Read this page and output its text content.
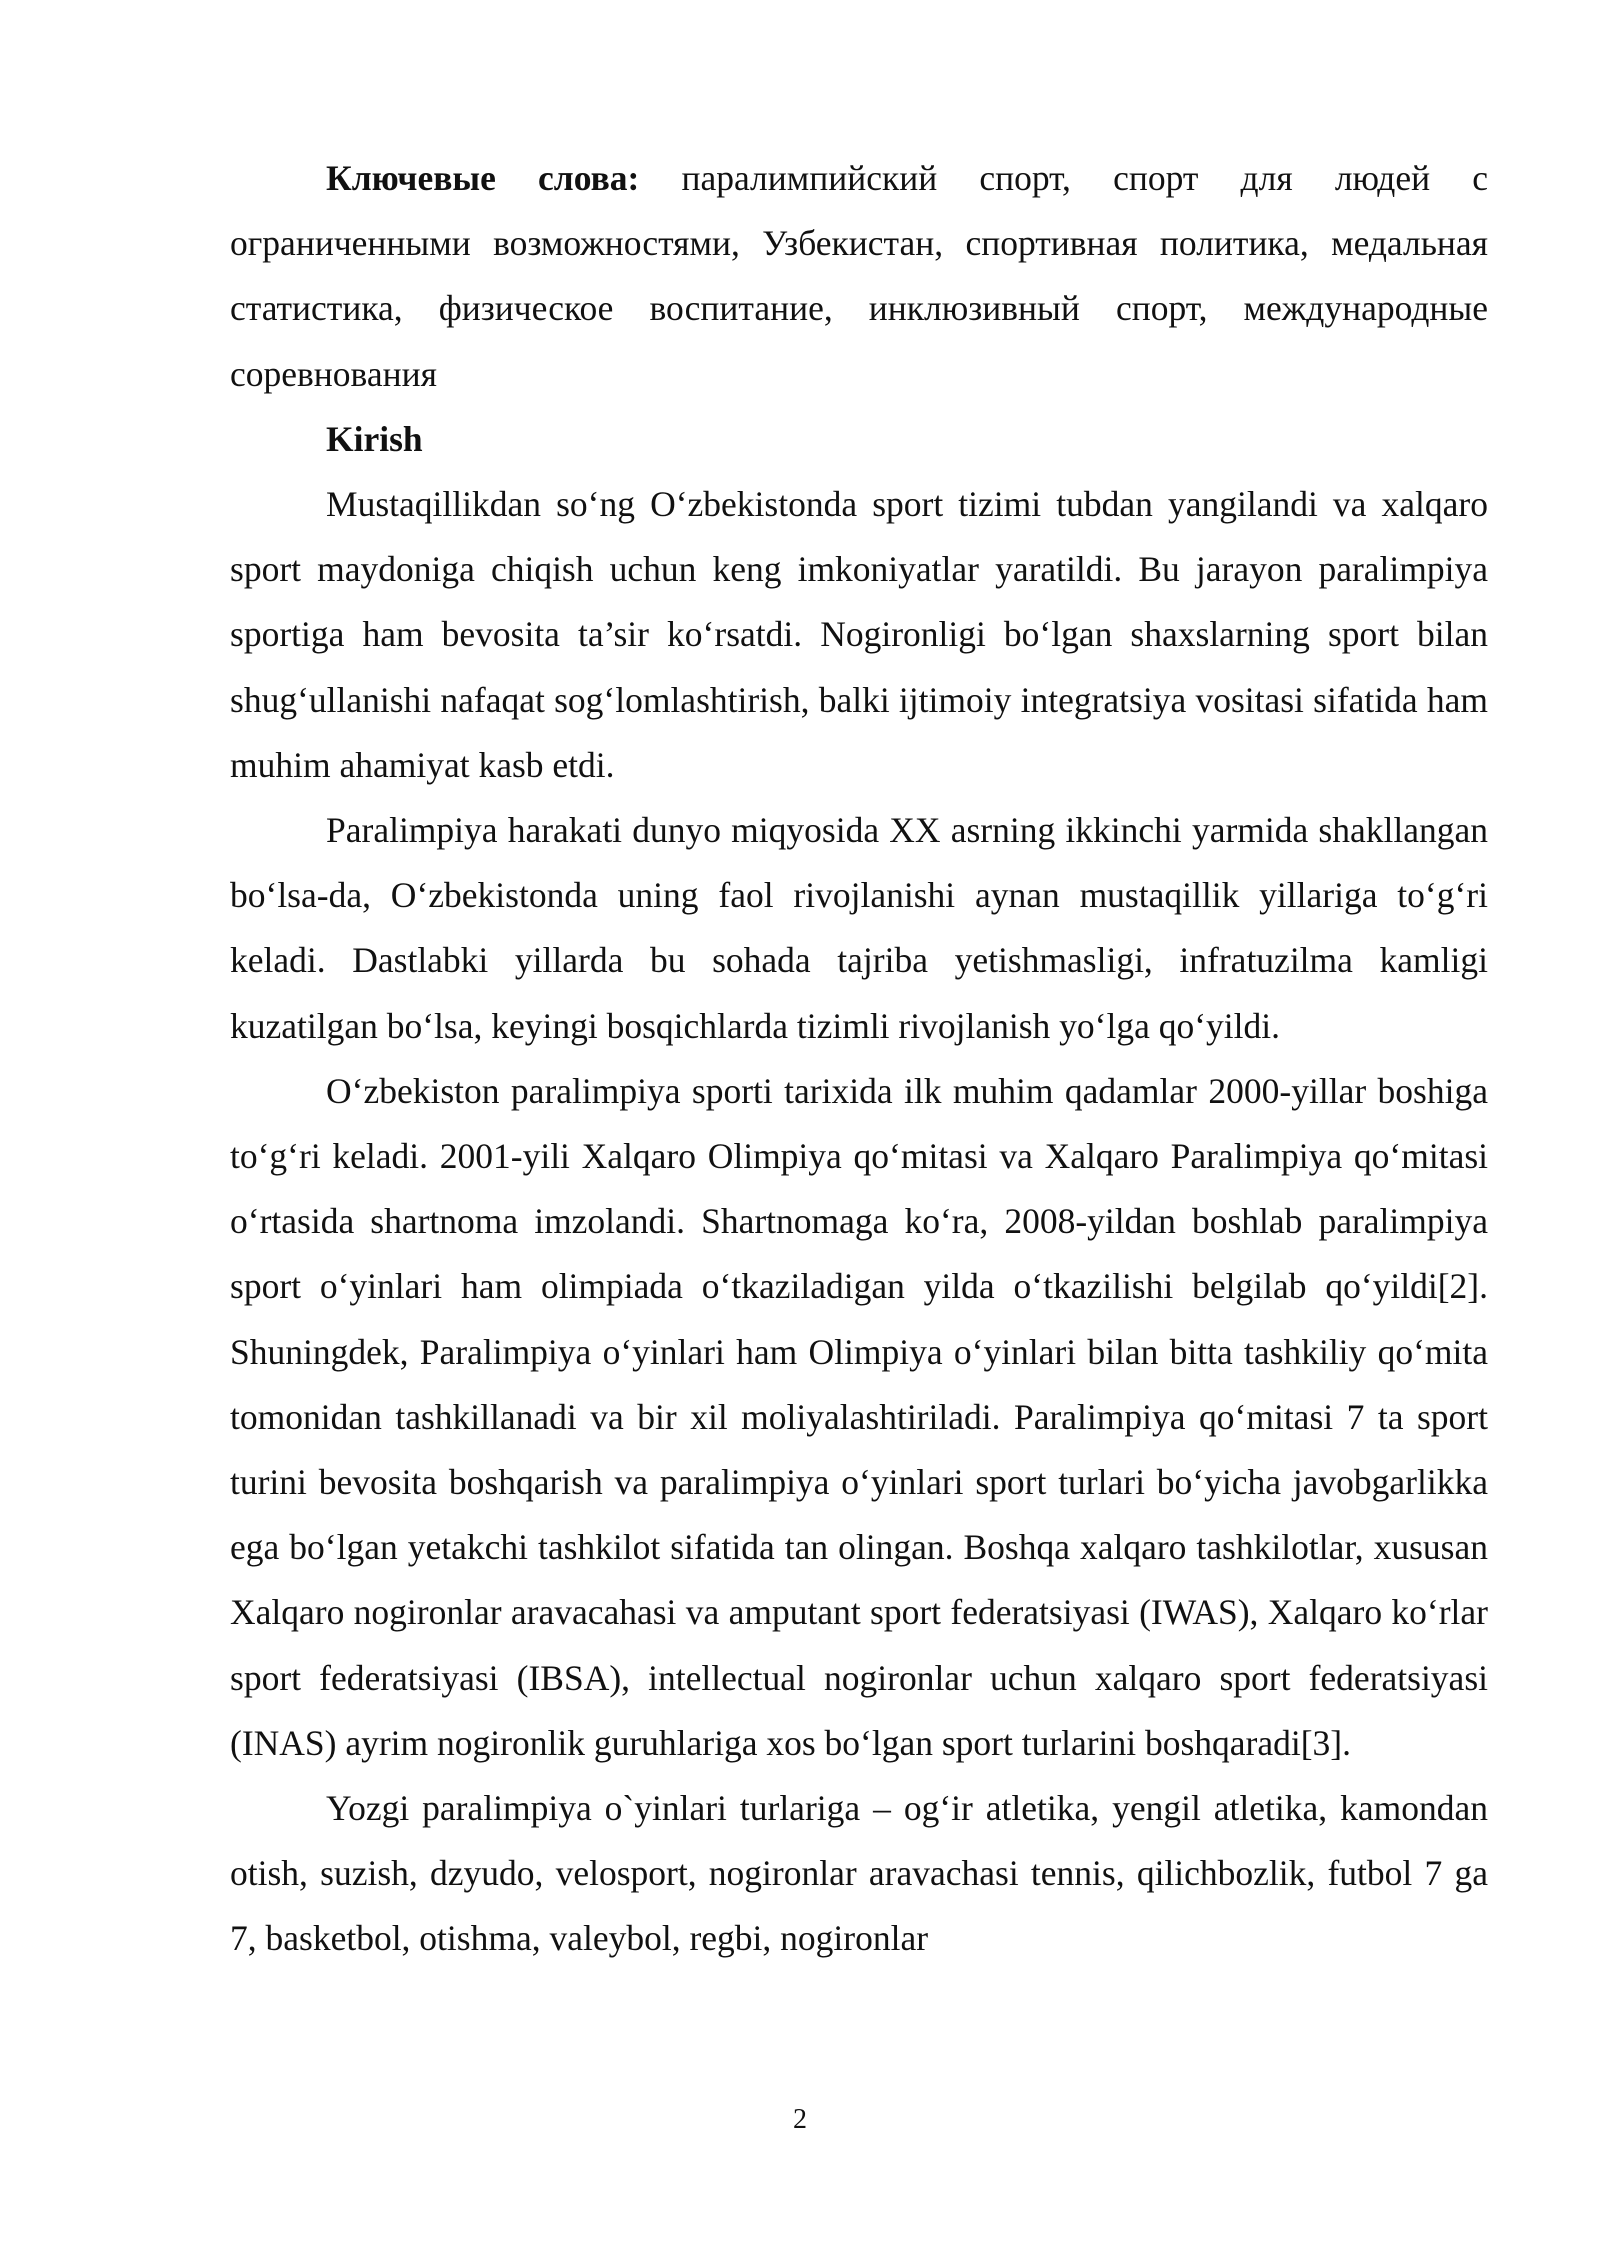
Ключевые слова: паралимпийский спорт, спорт для людей с ограниченными возможностями, Узбекистан, спортивная политика, медальная статистика, физическое воспитание, инклюзивный спорт, международные соревнования

Kirish

Mustaqillikdan so‘ng O‘zbekistonda sport tizimi tubdan yangilandi va xalqaro sport maydoniga chiqish uchun keng imkoniyatlar yaratildi. Bu jarayon paralimpiya sportiga ham bevosita ta’sir ko‘rsatdi. Nogironligi bo‘lgan shaxslarning sport bilan shug‘ullanishi nafaqat sog‘lomlashtirish, balki ijtimoiy integratsiya vositasi sifatida ham muhim ahamiyat kasb etdi.

Paralimpiya harakati dunyo miqyosida XX asrning ikkinchi yarmida shakllangan bo‘lsa-da, O‘zbekistonda uning faol rivojlanishi aynan mustaqillik yillariga to‘g‘ri keladi. Dastlabki yillarda bu sohada tajriba yetishmasligi, infratuzilma kamligi kuzatilgan bo‘lsa, keyingi bosqichlarda tizimli rivojlanish yo‘lga qo‘yildi.

O‘zbekiston paralimpiya sporti tarixida ilk muhim qadamlar 2000-yillar boshiga to‘g‘ri keladi. 2001-yili Xalqaro Olimpiya qo‘mitasi va Xalqaro Paralimpiya qo‘mitasi o‘rtasida shartnoma imzolandi. Shartnomaga ko‘ra, 2008-yildan boshlab paralimpiya sport o‘yinlari ham olimpiada o‘tkaziladigan yilda o‘tkazilishi belgilab qo‘yildi[2]. Shuningdek, Paralimpiya o‘yinlari ham Olimpiya o‘yinlari bilan bitta tashkiliy qo‘mita tomonidan tashkillanadi va bir xil moliyalashtiriladi. Paralimpiya qo‘mitasi 7 ta sport turini bevosita boshqarish va paralimpiya o‘yinlari sport turlari bo‘yicha javobgarlikka ega bo‘lgan yetakchi tashkilot sifatida tan olingan. Boshqa xalqaro tashkilotlar, xususan Xalqaro nogironlar aravacahasi va amputant sport federatsiyasi (IWAS), Xalqaro ko‘rlar sport federatsiyasi (IBSA), intellectual nogironlar uchun xalqaro sport federatsiyasi (INAS) ayrim nogironlik guruhlariga xos bo‘lgan sport turlarini boshqaradi[3].

Yozgi paralimpiya o`yinlari turlariga – og‘ir atletika, yengil atletika, kamondan otish, suzish, dzyudo, velosport, nogironlar aravachasi tennis, qilichbozlik, futbol 7 ga 7, basketbol, otishma, valeybol, regbi, nogironlar

2
